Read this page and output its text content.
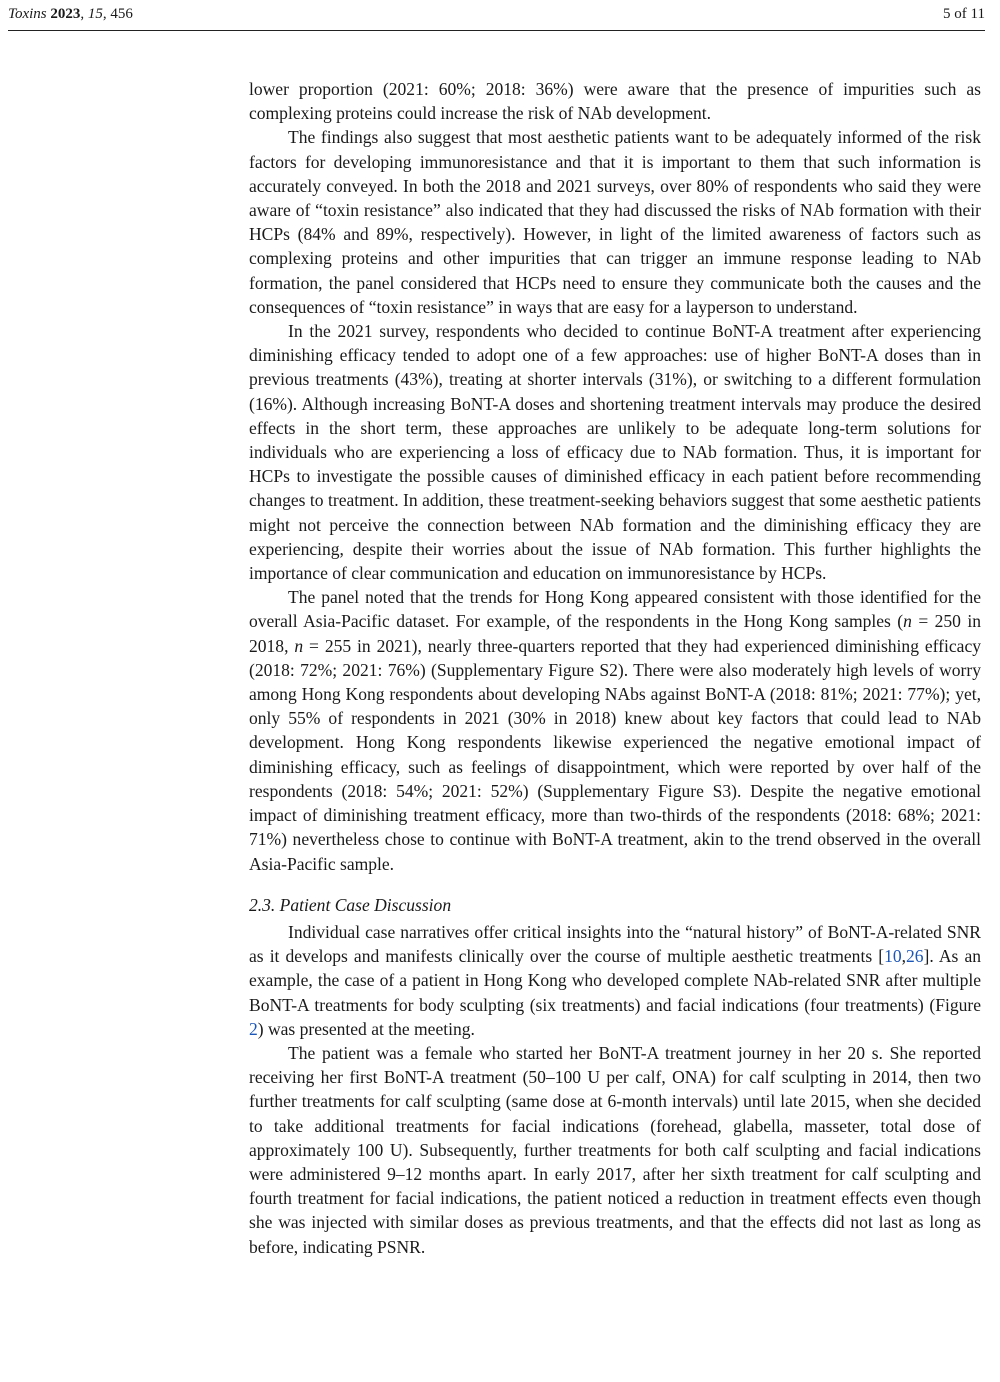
Toxins 2023, 15, 456	5 of 11

lower proportion (2021: 60%; 2018: 36%) were aware that the presence of impurities such as complexing proteins could increase the risk of NAb development.

The findings also suggest that most aesthetic patients want to be adequately informed of the risk factors for developing immunoresistance and that it is important to them that such information is accurately conveyed. In both the 2018 and 2021 surveys, over 80% of respondents who said they were aware of “toxin resistance” also indicated that they had discussed the risks of NAb formation with their HCPs (84% and 89%, respectively). However, in light of the limited awareness of factors such as complexing proteins and other impurities that can trigger an immune response leading to NAb formation, the panel considered that HCPs need to ensure they communicate both the causes and the consequences of “toxin resistance” in ways that are easy for a layperson to understand.

In the 2021 survey, respondents who decided to continue BoNT-A treatment after experiencing diminishing efficacy tended to adopt one of a few approaches: use of higher BoNT-A doses than in previous treatments (43%), treating at shorter intervals (31%), or switching to a different formulation (16%). Although increasing BoNT-A doses and shortening treatment intervals may produce the desired effects in the short term, these approaches are unlikely to be adequate long-term solutions for individuals who are experiencing a loss of efficacy due to NAb formation. Thus, it is important for HCPs to investigate the possible causes of diminished efficacy in each patient before recommending changes to treatment. In addition, these treatment-seeking behaviors suggest that some aesthetic patients might not perceive the connection between NAb formation and the diminishing efficacy they are experiencing, despite their worries about the issue of NAb formation. This further highlights the importance of clear communication and education on immunoresistance by HCPs.

The panel noted that the trends for Hong Kong appeared consistent with those identified for the overall Asia-Pacific dataset. For example, of the respondents in the Hong Kong samples (n = 250 in 2018, n = 255 in 2021), nearly three-quarters reported that they had experienced diminishing efficacy (2018: 72%; 2021: 76%) (Supplementary Figure S2). There were also moderately high levels of worry among Hong Kong respondents about developing NAbs against BoNT-A (2018: 81%; 2021: 77%); yet, only 55% of respondents in 2021 (30% in 2018) knew about key factors that could lead to NAb development. Hong Kong respondents likewise experienced the negative emotional impact of diminishing efficacy, such as feelings of disappointment, which were reported by over half of the respondents (2018: 54%; 2021: 52%) (Supplementary Figure S3). Despite the negative emotional impact of diminishing treatment efficacy, more than two-thirds of the respondents (2018: 68%; 2021: 71%) nevertheless chose to continue with BoNT-A treatment, akin to the trend observed in the overall Asia-Pacific sample.

2.3. Patient Case Discussion

Individual case narratives offer critical insights into the “natural history” of BoNT-A-related SNR as it develops and manifests clinically over the course of multiple aesthetic treatments [10,26]. As an example, the case of a patient in Hong Kong who developed complete NAb-related SNR after multiple BoNT-A treatments for body sculpting (six treatments) and facial indications (four treatments) (Figure 2) was presented at the meeting.

The patient was a female who started her BoNT-A treatment journey in her 20 s. She reported receiving her first BoNT-A treatment (50–100 U per calf, ONA) for calf sculpting in 2014, then two further treatments for calf sculpting (same dose at 6-month intervals) until late 2015, when she decided to take additional treatments for facial indications (forehead, glabella, masseter, total dose of approximately 100 U). Subsequently, further treatments for both calf sculpting and facial indications were administered 9–12 months apart. In early 2017, after her sixth treatment for calf sculpting and fourth treatment for facial indications, the patient noticed a reduction in treatment effects even though she was injected with similar doses as previous treatments, and that the effects did not last as long as before, indicating PSNR.
